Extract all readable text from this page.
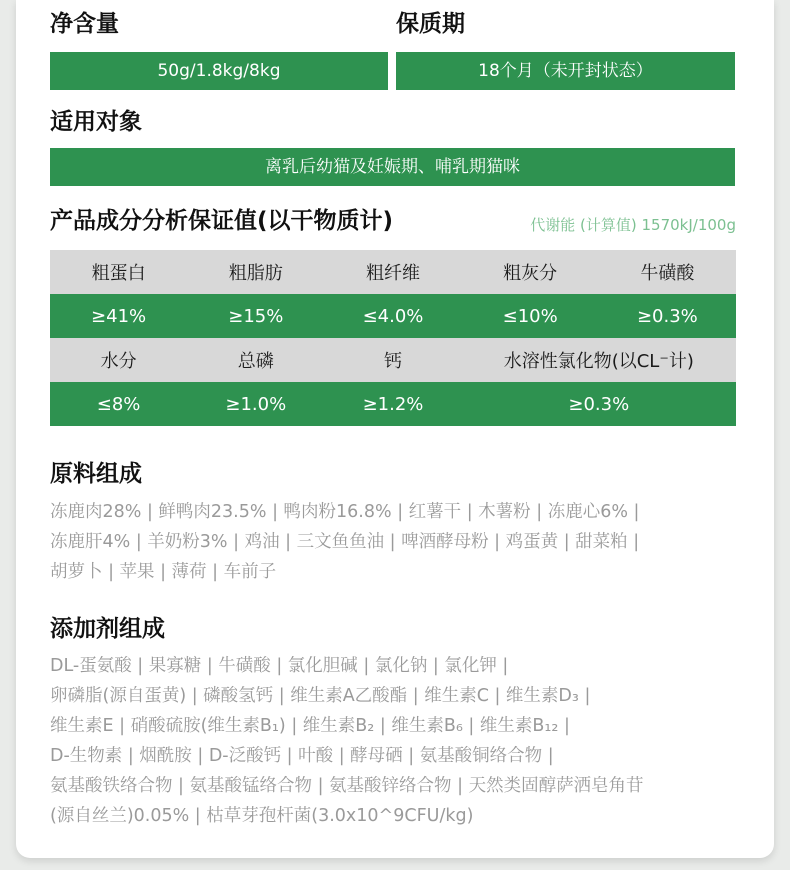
净含量	保质期
50g/1.8kg/8kg	18个月（未开封状态）
适用对象
离乳后幼猫及妊娠期、哺乳期猫咪
产品成分分析保证值(以干物质计)	代谢能 (计算值) 1570kJ/100g
粗蛋白	粗脂肪	粗纤维	粗灰分	牛磺酸
≥41%	≥15%	≤4.0%	≤10%	≥0.3%
水分	总磷	钙	水溶性氯化物(以CL⁻计)	
≤8%	≥1.0%	≥1.2%	≥0.3%	
原料组成
冻鹿肉28% | 鲜鸭肉23.5% | 鸭肉粉16.8% | 红薯干 | 木薯粉 | 冻鹿心6% |
冻鹿肝4% | 羊奶粉3% | 鸡油 | 三文鱼鱼油 | 啤酒酵母粉 | 鸡蛋黄 | 甜菜粕 |
胡萝卜 | 苹果 | 薄荷 | 车前子
添加剂组成
DL-蛋氨酸 | 果寡糖 | 牛磺酸 | 氯化胆碱 | 氯化钠 | 氯化钾 |
卵磷脂(源自蛋黄) | 磷酸氢钙 | 维生素A乙酸酯 | 维生素C | 维生素D₃ |
维生素E | 硝酸硫胺(维生素B₁) | 维生素B₂ | 维生素B₆ | 维生素B₁₂ |
D-生物素 | 烟酰胺 | D-泛酸钙 | 叶酸 | 酵母硒 | 氨基酸铜络合物 |
氨基酸铁络合物 | 氨基酸锰络合物 | 氨基酸锌络合物 | 天然类固醇萨洒皂角苷
(源自丝兰)0.05% | 枯草芽孢杆菌(3.0x10^9CFU/kg)
